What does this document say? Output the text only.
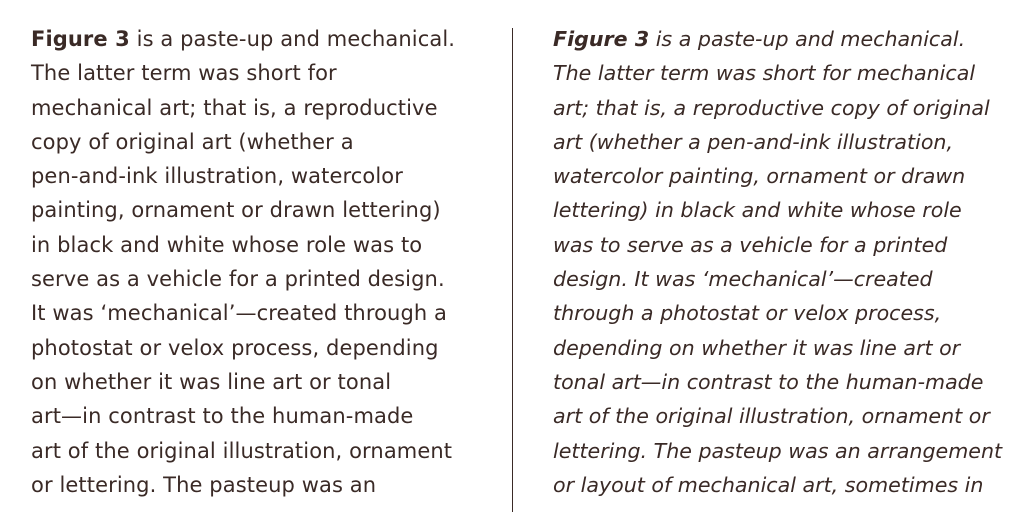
Figure 3 is a paste-up and mechanical.
The latter term was short for
mechanical art; that is, a reproductive
copy of original art (whether a
pen-and-ink illustration, watercolor
painting, ornament or drawn lettering)
in black and white whose role was to
serve as a vehicle for a printed design.
It was ‘mechanical’—created through a
photostat or velox process, depending
on whether it was line art or tonal
art—in contrast to the human-made
art of the original illustration, ornament
or lettering. The pasteup was an
Figure 3 is a paste-up and mechanical.
The latter term was short for mechanical
art; that is, a reproductive copy of original
art (whether a pen-and-ink illustration,
watercolor painting, ornament or drawn
lettering) in black and white whose role
was to serve as a vehicle for a printed
design. It was ‘mechanical’—created
through a photostat or velox process,
depending on whether it was line art or
tonal art—in contrast to the human-made
art of the original illustration, ornament or
lettering. The pasteup was an arrangement
or layout of mechanical art, sometimes in
